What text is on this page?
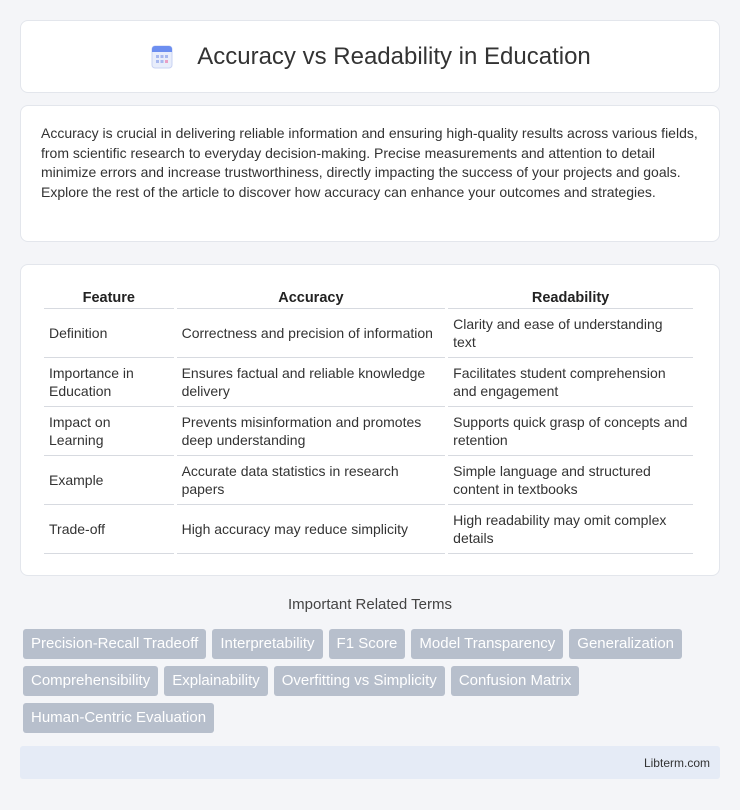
Accuracy vs Readability in Education

Accuracy is crucial in delivering reliable information and ensuring high-quality results across various fields, from scientific research to everyday decision-making. Precise measurements and attention to detail minimize errors and increase trustworthiness, directly impacting the success of your projects and goals. Explore the rest of the article to discover how accuracy can enhance your outcomes and strategies.

Feature	Accuracy	Readability
Definition	Correctness and precision of information	Clarity and ease of understanding text
Importance in Education	Ensures factual and reliable knowledge delivery	Facilitates student comprehension and engagement
Impact on Learning	Prevents misinformation and promotes deep understanding	Supports quick grasp of concepts and retention
Example	Accurate data statistics in research papers	Simple language and structured content in textbooks
Trade-off	High accuracy may reduce simplicity	High readability may omit complex details
Important Related Terms
Precision-Recall Tradeoff	Interpretability	F1 Score	Model Transparency	Generalization
Comprehensibility	Explainability	Overfitting vs Simplicity	Confusion Matrix
Human-Centric Evaluation
Libterm.com
